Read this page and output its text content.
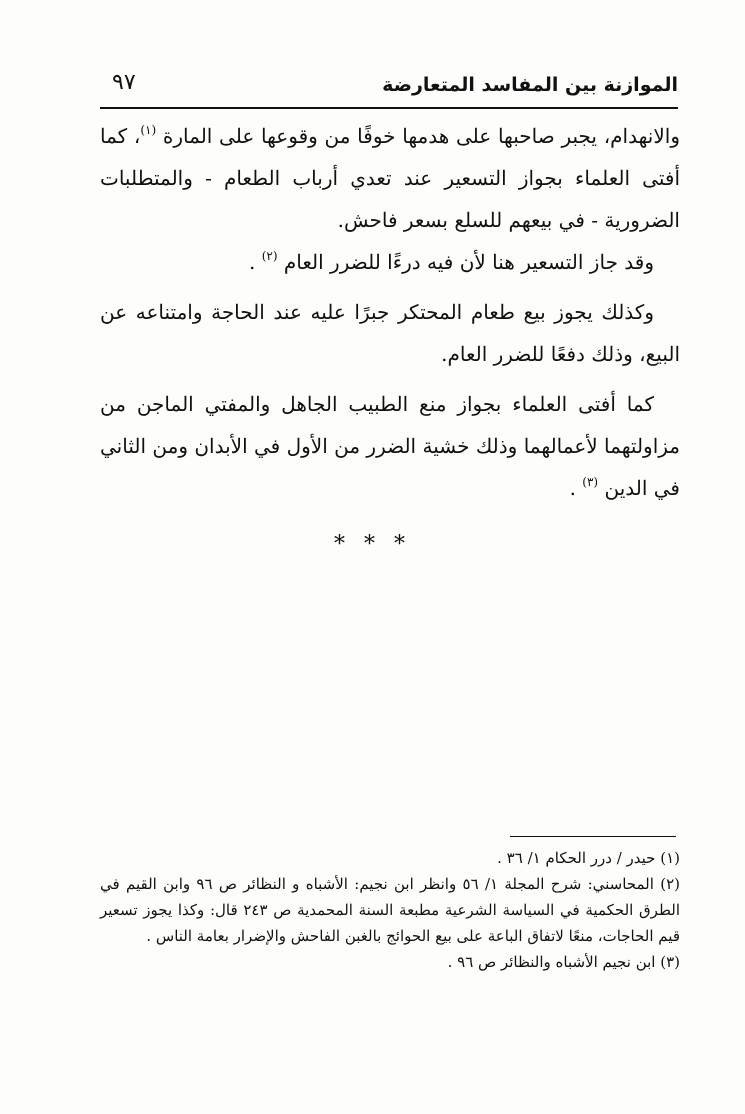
الموازنة بين المفاسد المتعارضة
٩٧

والانهدام، يجبر صاحبها على هدمها خوفًا من وقوعها على المارة $^{(١)}$، كما أفتى العلماء بجواز التسعير عند تعدي أرباب الطعام - والمتطلبات الضرورية - في بيعهم للسلع بسعر فاحش.

وقد جاز التسعير هنا لأن فيه درءًا للضرر العام $^{(٢)}$ .

وكذلك يجوز بيع طعام المحتكر جبرًا عليه عند الحاجة وامتناعه عن البيع، وذلك دفعًا للضرر العام.

كما أفتى العلماء بجواز منع الطبيب الجاهل والمفتي الماجن من مزاولتهما لأعمالهما وذلك خشية الضرر من الأول في الأبدان ومن الثاني في الدين $^{(٣)}$ .

* * *

(١) حيدر / درر الحكام ١/ ٣٦ .

(٢) المحاسني: شرح المجلة ١/ ٥٦ وانظر ابن نجيم: الأشباه و النظائر ص ٩٦ وابن القيم في الطرق الحكمية في السياسة الشرعية مطبعة السنة المحمدية ص ٢٤٣ قال: وكذا يجوز تسعير قيم الحاجات، منعًا لاتفاق الباعة على بيع الحوائج بالغبن الفاحش والإضرار بعامة الناس .

(٣) ابن نجيم الأشباه والنظائر ص ٩٦ .
